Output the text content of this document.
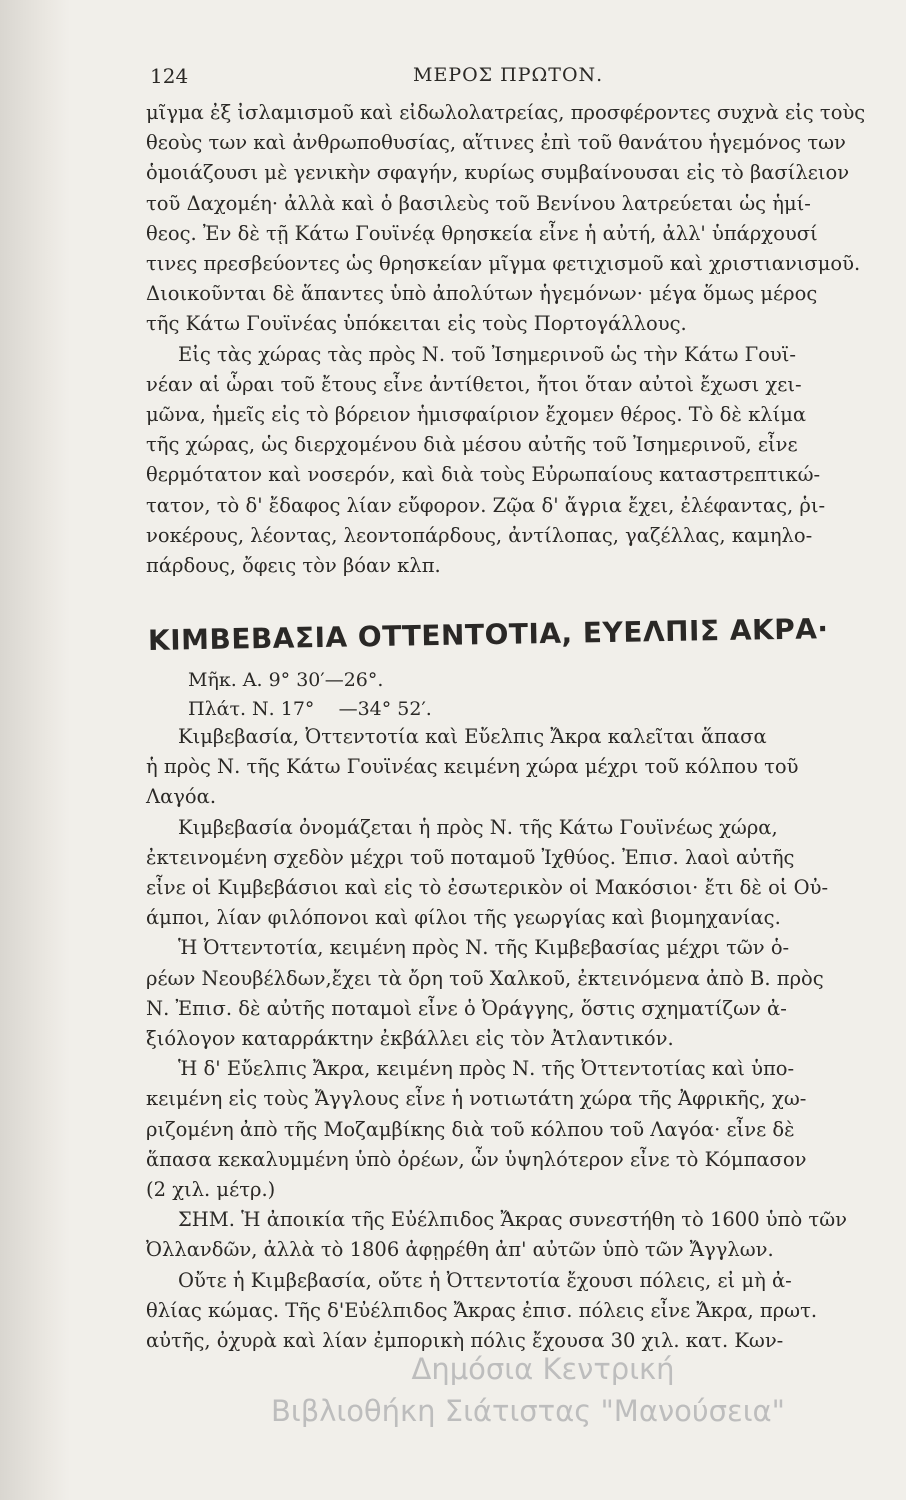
124	ΜΕΡΟΣ ΠΡΩΤΟΝ.
μῖγμα ἐξ ἰσλαμισμοῦ καὶ εἰδωλολατρείας, προσφέροντες συχνὰ εἰς τοὺς
θεοὺς των καὶ ἀνθρωποθυσίας, αἵτινες ἐπὶ τοῦ θανάτου ἡγεμόνος των
ὁμοιάζουσι μὲ γενικὴν σφαγήν, κυρίως συμβαίνουσαι εἰς τὸ βασίλειον
τοῦ Δαχομέη· ἀλλὰ καὶ ὁ βασιλεὺς τοῦ Βενίνου λατρεύεται ὡς ἡμί-
θεος. Ἐν δὲ τῇ Κάτω Γουϊνέᾳ θρησκεία εἶνε ἡ αὐτή, ἀλλ' ὑπάρχουσί
τινες πρεσβεύοντες ὡς θρησκείαν μῖγμα φετιχισμοῦ καὶ χριστιανισμοῦ.
Διοικοῦνται δὲ ἅπαντες ὑπὸ ἀπολύτων ἡγεμόνων· μέγα ὅμως μέρος
τῆς Κάτω Γουϊνέας ὑπόκειται εἰς τοὺς Πορτογάλλους.
Εἰς τὰς χώρας τὰς πρὸς Ν. τοῦ Ἰσημερινοῦ ὡς τὴν Κάτω Γουϊ-
νέαν αἱ ὧραι τοῦ ἔτους εἶνε ἀντίθετοι, ἤτοι ὅταν αὐτοὶ ἔχωσι χει-
μῶνα, ἡμεῖς εἰς τὸ βόρειον ἡμισφαίριον ἔχομεν θέρος. Τὸ δὲ κλίμα
τῆς χώρας, ὡς διερχομένου διὰ μέσου αὐτῆς τοῦ Ἰσημερινοῦ, εἶνε
θερμότατον καὶ νοσερόν, καὶ διὰ τοὺς Εὐρωπαίους καταστρεπτικώ-
τατον, τὸ δ' ἔδαφος λίαν εὔφορον. Ζῷα δ' ἄγρια ἔχει, ἐλέφαντας, ῥι-
νοκέρους, λέοντας, λεοντοπάρδους, ἀντίλοπας, γαζέλλας, καμηλο-
πάρδους, ὄφεις τὸν βόαν κλπ.
ΚΙΜΒΕΒΑΣΙΑ ΟΤΤΕΝΤΟΤΙΑ, ΕΥΕΛΠΙΣ ΑΚΡΑ·
Μῆκ. Α. 9° 30′—26°.
Πλάτ. Ν. 17°    —34° 52′.
Κιμβεβασία, Ὀττεντοτία καὶ Εὔελπις Ἄκρα καλεῖται ἅπασα
ἡ πρὸς Ν. τῆς Κάτω Γουϊνέας κειμένη χώρα μέχρι τοῦ κόλπου τοῦ
Λαγόα.
Κιμβεβασία ὀνομάζεται ἡ πρὸς Ν. τῆς Κάτω Γουϊνέως χώρα,
ἐκτεινομένη σχεδὸν μέχρι τοῦ ποταμοῦ Ἰχθύος. Ἐπισ. λαοὶ αὐτῆς
εἶνε οἱ Κιμβεβάσιοι καὶ εἰς τὸ ἐσωτερικὸν οἱ Μακόσιοι· ἔτι δὲ οἱ Οὐ-
άμποι, λίαν φιλόπονοι καὶ φίλοι τῆς γεωργίας καὶ βιομηχανίας.
Ἡ Ὀττεντοτία, κειμένη πρὸς Ν. τῆς Κιμβεβασίας μέχρι τῶν ὁ-
ρέων Νεουβέλδων,ἔχει τὰ ὄρη τοῦ Χαλκοῦ, ἐκτεινόμενα ἀπὸ Β. πρὸς
Ν. Ἐπισ. δὲ αὐτῆς ποταμοὶ εἶνε ὁ Ὀράγγης, ὅστις σχηματίζων ἀ-
ξιόλογον καταρράκτην ἐκβάλλει εἰς τὸν Ἀτλαντικόν.
Ἡ δ' Εὔελπις Ἄκρα, κειμένη πρὸς Ν. τῆς Ὀττεντοτίας καὶ ὑπο-
κειμένη εἰς τοὺς Ἄγγλους εἶνε ἡ νοτιωτάτη χώρα τῆς Ἀφρικῆς, χω-
ριζομένη ἀπὸ τῆς Μοζαμβίκης διὰ τοῦ κόλπου τοῦ Λαγόα· εἶνε δὲ
ἅπασα κεκαλυμμένη ὑπὸ ὀρέων, ὧν ὑψηλότερον εἶνε τὸ Κόμπασον
(2 χιλ. μέτρ.)
ΣΗΜ. Ἡ ἀποικία τῆς Εὐέλπιδος Ἄκρας συνεστήθη τὸ 1600 ὑπὸ τῶν
Ὀλλανδῶν, ἀλλὰ τὸ 1806 ἀφῃρέθη ἀπ' αὐτῶν ὑπὸ τῶν Ἄγγλων.
Οὔτε ἡ Κιμβεβασία, οὔτε ἡ Ὀττεντοτία ἔχουσι πόλεις, εἰ μὴ ἀ-
θλίας κώμας. Τῆς δ'Εὐέλπιδος Ἄκρας ἐπισ. πόλεις εἶνε Ἄκρα, πρωτ.
αὐτῆς, ὀχυρὰ καὶ λίαν ἐμπορικὴ πόλις ἔχουσα 30 χιλ. κατ. Κων-
Δημόσια Κεντρική
Βιβλιοθήκη Σιάτιστας "Μανούσεια"
